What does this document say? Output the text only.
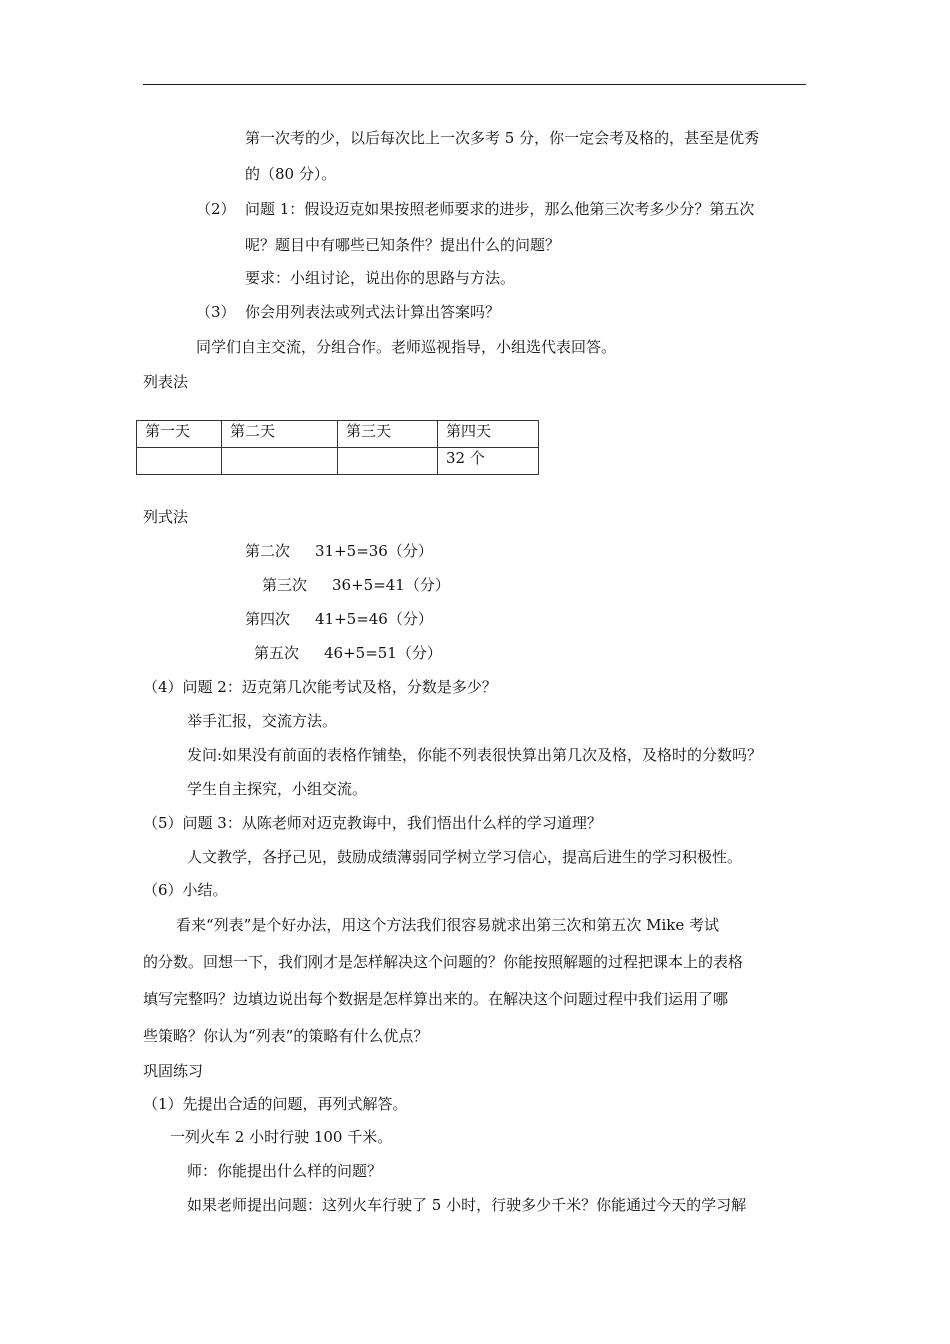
第一次考的少，以后每次比上一次多考 5 分，你一定会考及格的，甚至是优秀
的（80 分）。
（2） 问题 1：假设迈克如果按照老师要求的进步，那么他第三次考多少分？第五次
呢？题目中有哪些已知条件？提出什么的问题？
要求：小组讨论，说出你的思路与方法。
（3） 你会用列表法或列式法计算出答案吗？
同学们自主交流，分组合作。老师巡视指导，小组选代表回答。
列表法
第一天	第二天	第三天	第四天
			32 个
列式法
第二次 31+5=36（分）
第三次 36+5=41（分）
第四次 41+5=46（分）
第五次 46+5=51（分）
（4）问题 2：迈克第几次能考试及格，分数是多少？
举手汇报，交流方法。
发问:如果没有前面的表格作铺垫，你能不列表很快算出第几次及格，及格时的分数吗？
学生自主探究，小组交流。
（5）问题 3：从陈老师对迈克教诲中，我们悟出什么样的学习道理？
人文教学，各抒己见，鼓励成绩薄弱同学树立学习信心，提高后进生的学习积极性。
（6）小结。
看来“列表”是个好办法，用这个方法我们很容易就求出第三次和第五次 Mike 考试
的分数。回想一下，我们刚才是怎样解决这个问题的？你能按照解题的过程把课本上的表格
填写完整吗？边填边说出每个数据是怎样算出来的。在解决这个问题过程中我们运用了哪
些策略？你认为“列表”的策略有什么优点？
巩固练习
（1）先提出合适的问题，再列式解答。
一列火车 2 小时行驶 100 千米。
师：你能提出什么样的问题？
如果老师提出问题：这列火车行驶了 5 小时，行驶多少千米？你能通过今天的学习解
